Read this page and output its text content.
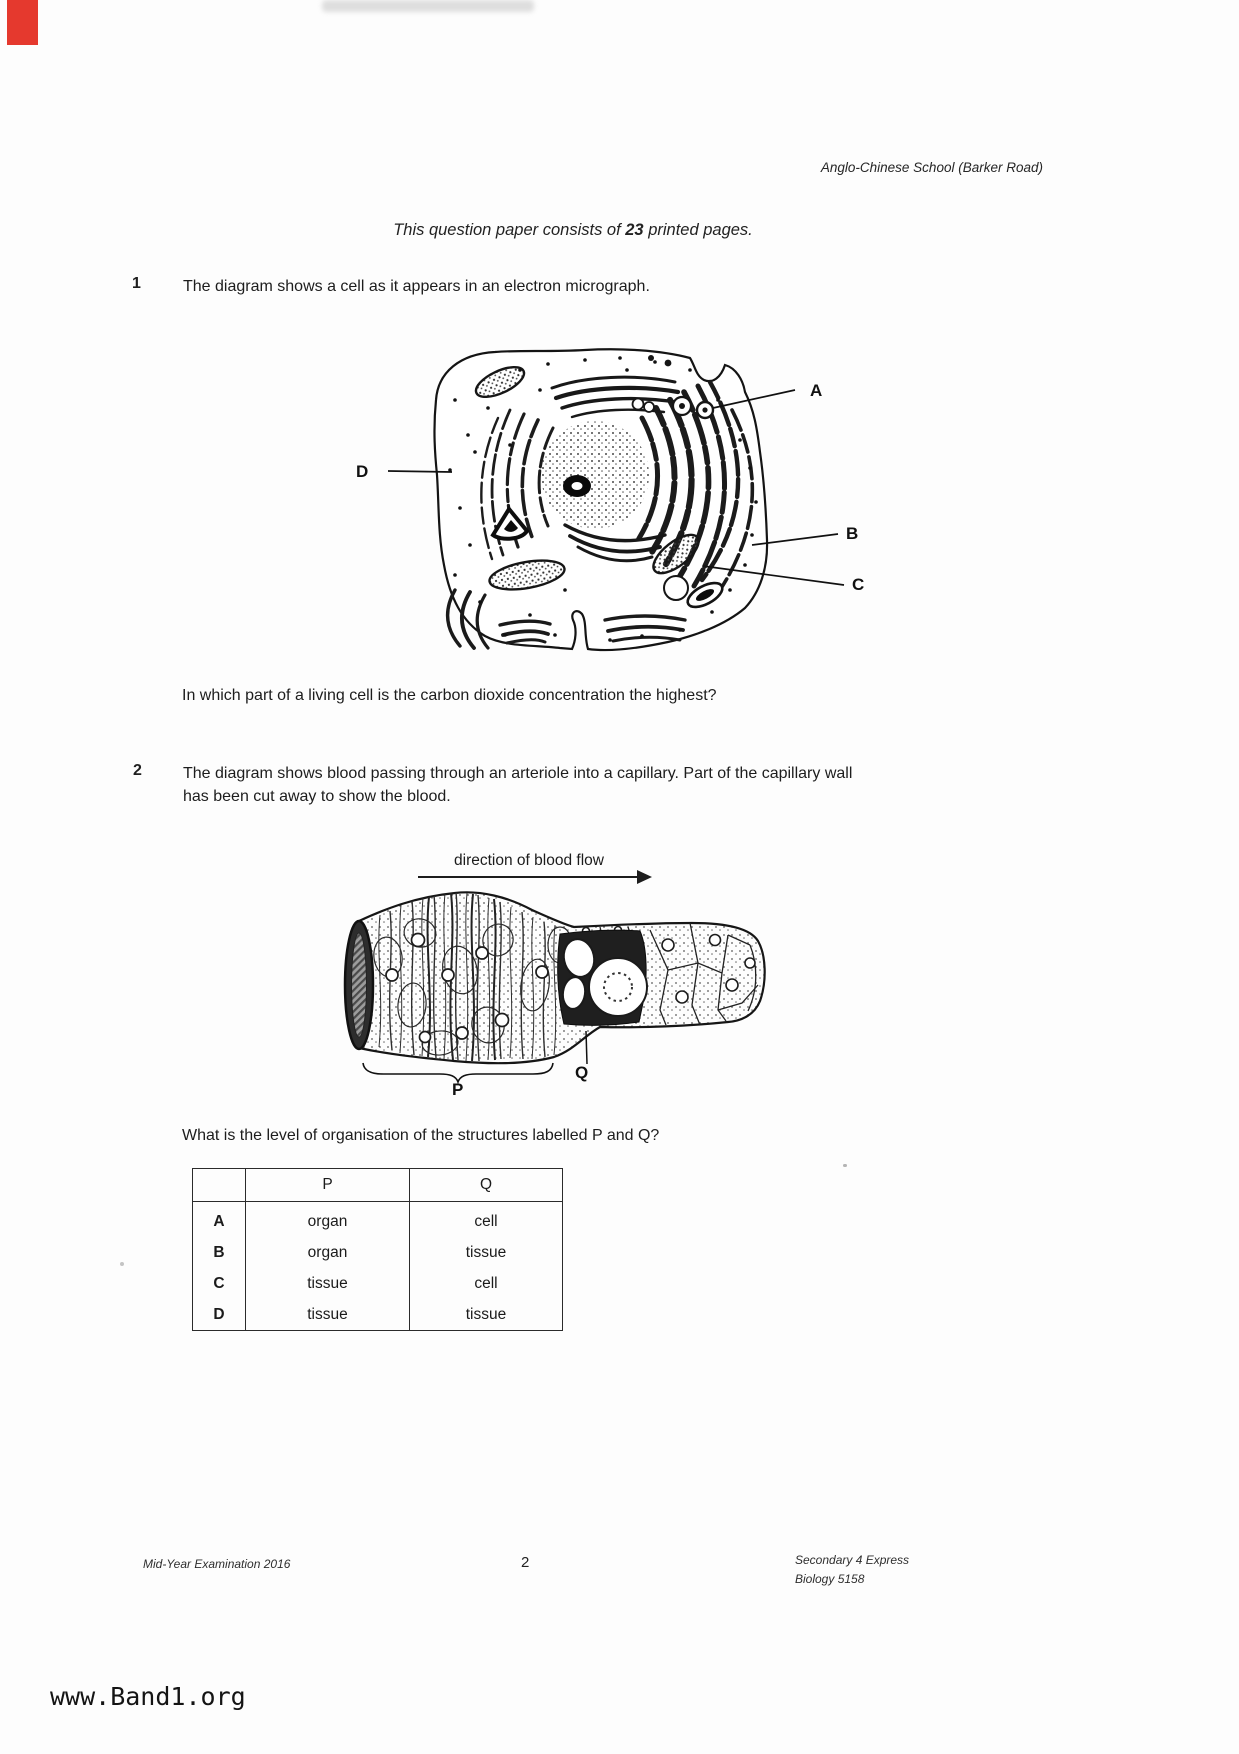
Anglo-Chinese School (Barker Road)
This question paper consists of 23 printed pages.
1	The diagram shows a cell as it appears in an electron micrograph.
A
B
C
D
In which part of a living cell is the carbon dioxide concentration the highest?
2	The diagram shows blood passing through an arteriole into a capillary. Part of the capillary wall
has been cut away to show the blood.
direction of blood flow
P
Q
What is the level of organisation of the structures labelled P and Q?
	P	Q
A	organ	cell
B	organ	tissue
C	tissue	cell
D	tissue	tissue
Mid-Year Examination 2016	2	Secondary 4 Express
Biology 5158
www.Band1.org
